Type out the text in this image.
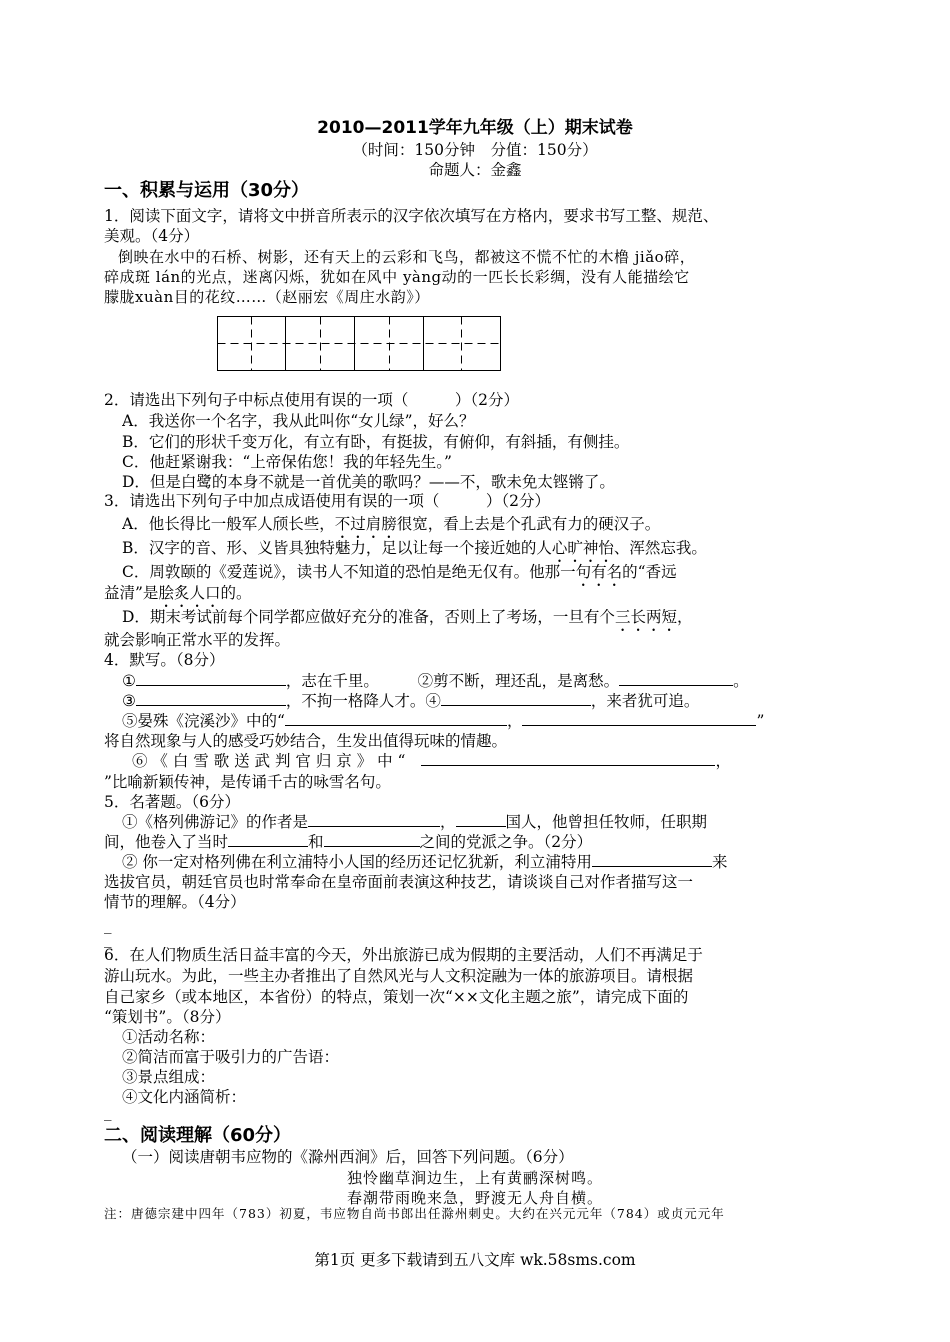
2010—2011学年九年级（上）期末试卷
（时间：150分钟　分值：150分）
命题人：金鑫
一、积累与运用（30分）
1．阅读下面文字，请将文中拼音所表示的汉字依次填写在方格内，要求书写工整、规范、
美观。（4分）
倒映在水中的石桥、树影，还有天上的云彩和飞鸟，都被这不慌不忙的木橹 jiǎo碎，
碎成斑 lán的光点，迷离闪烁，犹如在风中 yàng动的一匹长长彩绸，没有人能描绘它
朦胧xuàn目的花纹……（赵丽宏《周庄水韵》）
2．请选出下列句子中标点使用有误的一项（　　　）（2分）
A．我送你一个名字，我从此叫你“女儿绿”，好么？
B．它们的形状千变万化，有立有卧，有挺拔，有俯仰，有斜插，有侧挂。
C．他赶紧谢我：“上帝保佑您！我的年轻先生。”
D．但是白鹭的本身不就是一首优美的歌吗？——不，歌未免太铿锵了。
3．请选出下列句子中加点成语使用有误的一项（　　　）（2分）
A．他长得比一般军人颀长些，不过肩膀很宽，看上去是个孔武有力的硬汉子。
B．汉字的音、形、义皆具独特魅力，足以让每一个接近她的人心旷神怡、浑然忘我。
C．周敦颐的《爱莲说》，读书人不知道的恐怕是绝无仅有。他那一句有名的“香远
益清”是脍炙人口的。
D．期末考试前每个同学都应做好充分的准备，否则上了考场，一旦有个三长两短，
就会影响正常水平的发挥。
4．默写。（8分）
①	，志在千里。　　　②剪不断，理还乱，是离愁。	。
③	，不拘一格降人才。④	，来者犹可追。
⑤晏殊《浣溪沙》中的“	，	”
将自然现象与人的感受巧妙结合，生发出值得玩味的情趣。
⑥ 《 白 雪 歌 送 武 判 官 归 京 》 中 “	，
”比喻新颖传神，是传诵千古的咏雪名句。
5．名著题。（6分）
①《格列佛游记》的作者是	，	国人，他曾担任牧师，任职期
间，他卷入了当时	和	之间的党派之争。（2分）
② 你一定对格列佛在利立浦特小人国的经历还记忆犹新，利立浦特用	来
选拔官员，朝廷官员也时常奉命在皇帝面前表演这种技艺，请谈谈自己对作者描写这一
情节的理解。（4分）
_
_
6．在人们物质生活日益丰富的今天，外出旅游已成为假期的主要活动，人们不再满足于
游山玩水。为此，一些主办者推出了自然风光与人文积淀融为一体的旅游项目。请根据
自己家乡（或本地区，本省份）的特点，策划一次“××文化主题之旅”，请完成下面的
“策划书”。（8分）
①活动名称：
②简洁而富于吸引力的广告语：
③景点组成：
④文化内涵简析：
_
二、阅读理解（60分）
（一）阅读唐朝韦应物的《滁州西涧》后，回答下列问题。（6分）
独怜幽草涧边生，上有黄鹂深树鸣。
春潮带雨晚来急，野渡无人舟自横。
注：唐德宗建中四年（783）初夏，韦应物自尚书郎出任滁州刺史。大约在兴元元年（784）或贞元元年
第1页 更多下载请到五八文库 wk.58sms.com
